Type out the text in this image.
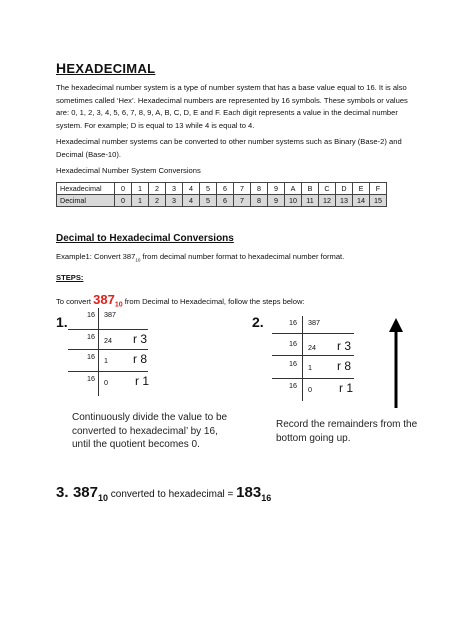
HEXADECIMAL
The hexadecimal number system is a type of number system that has a base value equal to 16. It is also sometimes called ‘Hex’. Hexadecimal numbers are represented by 16 symbols. These symbols or values are: 0, 1, 2, 3, 4, 5, 6, 7, 8, 9, A, B, C, D, E and F. Each digit represents a value in the decimal number system. For example; D is equal to 13 while 4 is equal to 4.
Hexadecimal number systems can be converted to other number systems such as Binary (Base-2) and Decimal (Base-10).
Hexadecimal Number System Conversions
Hexadecimal	0	1	2	3	4	5	6	7	8	9	A	B	C	D	E	F
Decimal	0	1	2	3	4	5	6	7	8	9	10	11	12	13	14	15
Decimal to Hexadecimal Conversions
Example1: Convert $387_{10}$ from decimal number format to hexadecimal number format.
STEPS:
To convert $387_{10}$ from Decimal to Hexadecimal, follow the steps below:
1.	16 387
16 24 r 3
16 1 r 8
16 0 r 1
2.	16 387
16 24 r 3
16 1 r 8
16 0 r 1
Continuously divide the value to be converted to hexadecimal’ by 16, until the quotient becomes 0.
Record the remainders from the bottom going up.
3. $387_{10}$ converted to hexadecimal = $183_{16}$
